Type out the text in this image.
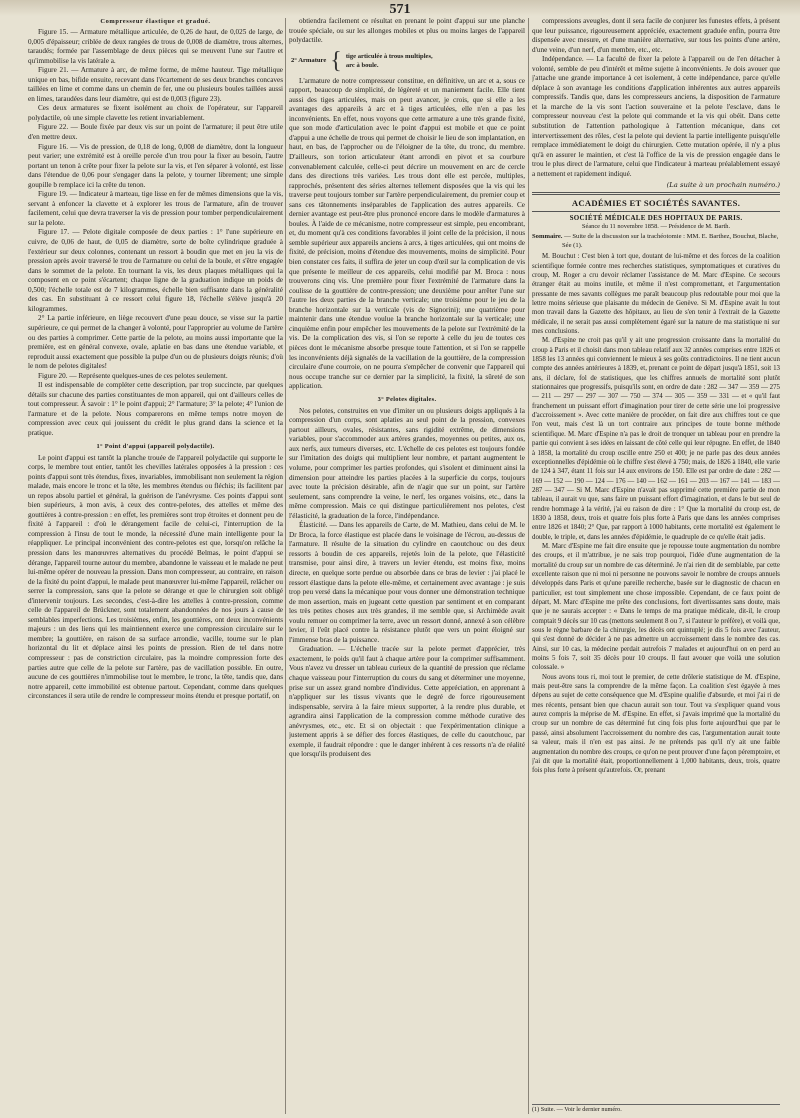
571
Compresseur élastique et gradué.

Figure 15. — Armature métallique articulée, de 0,26 de haut, de 0,025 de large, de 0,005 d'épaisseur; criblée de deux rangées de trous de 0,008 de diamètre, trous alternes, taraudés; formée par l'assemblage de deux pièces qui se meuvent l'une sur l'autre et qu'immobilise la vis latérale a.

Figure 21. — Armature à arc, de même forme, de même hauteur. Tige métallique unique en bas, bifide ensuite, recevant dans l'écartement de ses deux branches concaves taillées en lime et comme dans un chemin de fer, une ou plusieurs boules taillées aussi en limes, taraudées dans leur diamètre, qui est de 0,003 (figure 23).

Ces deux armatures se fixent isolément au choix de l'opérateur, sur l'appareil polydactile, où une simple clavette les retient invariablement.

Figure 22. — Boule fixée par deux vis sur un point de l'armature; il peut être utile d'en mettre deux.

Figure 16. — Vis de pression, de 0,18 de long, 0,008 de diamètre, dont la longueur peut varier; une extrémité est à oreille percée d'un trou pour la fixer au besoin, l'autre portant un tenon à crête pour fixer la pelote sur la vis, et l'en séparer à volonté, est lisse dans l'étendue de 0,06 pour s'engager dans la pelote, y tourner librement; une simple goupille b remplace ici la crête du tenon.

Figure 19. — Indicateur à marteau, tige lisse en fer de mêmes dimensions que la vis, servant à enfoncer la clavette et à explorer les trous de l'armature, afin de trouver facilement, celui que devra traverser la vis de pression pour tomber perpendiculairement sur la pelote.

Figure 17. — Pelote digitale composée de deux parties : 1° l'une supérieure en cuivre, de 0,06 de haut, de 0,05 de diamètre, sorte de boîte cylindrique graduée à l'extérieur sur deux colonnes, contenant un ressort à boudin que met en jeu la vis de pression après avoir traversé le trou de l'armature ou celui de la boule, et s'être engagée dans le sommet de la pelote. En tournant la vis, les deux plaques métalliques qui la composent en ce point s'écartent; chaque ligne de la graduation indique un poids de 0,500; l'échelle totale est de 7 kilogrammes, échelle bien suffisante dans la généralité des cas. En substituant à ce ressort celui figure 18, l'échelle s'élève jusqu'à 20 kilogrammes.

2° La partie inférieure, en liège recouvert d'une peau douce, se visse sur la partie supérieure, ce qui permet de la changer à volonté, pour l'approprier au volume de l'artère ou des parties à comprimer. Cette partie de la pelote, au moins aussi importante que la première, est en général convexe, ovale, aplatie en bas dans une étendue variable, et reproduit aussi exactement que possible la pulpe d'un ou de plusieurs doigts réunis; d'où le nom de pelotes digitales!

Figure 20. — Représente quelques-unes de ces pelotes seulement.

Il est indispensable de compléter cette description, par trop succincte, par quelques détails sur chacune des parties constituantes de mon appareil, qui ont d'ailleurs celles de tout compresseur. À savoir : 1° le point d'appui; 2° l'armature; 3° la pelote; 4° l'union de l'armature et de la pelote. Nous comparerons en même temps notre moyen de compression avec ceux qui jouissent du crédit le plus grand dans la science et la pratique.

1° Point d'appui (appareil polydactile).

Le point d'appui est tantôt la planche trouée de l'appareil polydactile qui supporte le corps, le membre tout entier, tantôt les chevilles latérales opposées à la pression : ces points d'appui sont très étendus, fixes, invariables, immobilisant non seulement la région malade, mais encore le tronc et la tête, les membres étendus ou fléchis; ils facilitent par un repos absolu partiel et général, la guérison de l'anévrysme. Ces points d'appui sont bien supérieurs, à mon avis, à ceux des contre-pelotes, des attelles et même des gouttières à contre-pression : en effet, les premières sont trop étroites et donnent peu de fixité à l'appareil : d'où le dérangement facile de celui-ci, l'interruption de la compression à l'insu de tout le monde, la nécessité d'une main intelligente pour la réappliquer. Le principal inconvénient des contre-pelotes est que, lorsqu'on relâche la pression dans les manœuvres alternatives du procédé Belmas, le point d'appui se dérange, l'appareil tourne autour du membre, abandonne le vaisseau et le malade ne peut lui-même opérer de nouveau la pression. Dans mon compresseur, au contraire, en raison de la fixité du point d'appui, le malade peut manœuvrer lui-même l'appareil, relâcher ou serrer la compression, sans que la pelote se dérange et que le chirurgien soit obligé d'intervenir toujours. Les secondes, c'est-à-dire les attelles à contre-pression, comme celle de l'appareil de Brückner, sont totalement abandonnées de nos jours à cause de semblables imperfections. Les troisièmes, enfin, les gouttières, ont deux inconvénients majeurs : un des liens qui les maintiennent exerce une compression circulaire sur le membre; la gouttière, en raison de sa surface arrondie, vacille, tourne sur le plan horizontal du lit et déplace ainsi les points de pression. Rien de tel dans notre compresseur : pas de constriction circulaire, pas la moindre compression forte des parties autre que celle de la pelote sur l'artère, pas de vacillation possible. En outre, aucune de ces gouttières n'immobilise tout le membre, le tronc, la tête, tandis que, dans notre appareil, cette immobilité est obtenue partout. Cependant, comme dans quelques circonstances il sera utile de rendre le compresseur moins étendu et presque portatif, on

obtiendra facilement ce résultat en prenant le point d'appui sur une planche trouée spéciale, ou sur les allonges mobiles et plus ou moins larges de l'appareil polydactile.

2° Armature { tige articulée à trous multiples,
arc à boule.

L'armature de notre compresseur constitue, en définitive, un arc et a, sous ce rapport, beaucoup de simplicité, de légèreté et un maniement facile. Elle tient aussi des tiges articulées, mais on peut avancer, je crois, que si elle a les avantages des appareils à arc et à tiges articulées, elle n'en a pas les inconvénients. En effet, nous voyons que cette armature a une très grande fixité, que son mode d'articulation avec le point d'appui est mobile et que ce point d'appui a une échelle de trous qui permet de choisir le lieu de son implantation, en haut, en bas, de l'approcher ou de l'éloigner de la tête, du tronc, du membre. D'ailleurs, son torion articulateur étant arrondi en pivot et sa courbure convenablement calculée, celle-ci peut décrire un mouvement en arc de cercle dans des directions très variées. Les trous dont elle est percée, multiples, rapprochés, présentent des séries alternes tellement disposées que la vis qui les traverse peut toujours tomber sur l'artère perpendiculairement, du premier coup et sans ces tâtonnements inséparables de l'application des autres appareils. Ce dernier avantage est peut-être plus prononcé encore dans le modèle d'armatures à boules. À l'aide de ce mécanisme, notre compresseur est simple, peu encombrant, et, du moment qu'à ces conditions favorables il joint celle de la précision, il nous semble supérieur aux appareils anciens à arcs, à tiges articulées, qui ont moins de fixité, de précision, moins d'étendue des mouvements, moins de simplicité. Pour bien constater ces faits, il suffira de jeter un coup d'œil sur la complication de vis que présente le meilleur de ces appareils, celui modifié par M. Broca : nous trouverons cinq vis. Une première pour fixer l'extrémité de l'armature dans la coulisse de la gouttière de contre-pression; une deuxième pour arrêter l'une sur l'autre les deux parties de la branche verticale; une troisième pour le jeu de la branche horizontale sur la verticale (vis de Signorini); une quatrième pour maintenir dans une étendue voulue la branche horizontale sur la verticale; une cinquième enfin pour empêcher les mouvements de la pelote sur l'extrémité de la vis. De la complication des vis, si l'on se reporte à celle du jeu de toutes ces pièces dont le mécanisme absorbe presque toute l'attention, et si l'on se rappelle les inconvénients déjà signalés de la vacillation de la gouttière, de la compression circulaire d'une courroie, on ne pourra s'empêcher de convenir que l'appareil qui nous occupe tranche sur ce dernier par la simplicité, la fixité, la sûreté de son application.

3° Pelotes digitales.

Nos pelotes, construites en vue d'imiter un ou plusieurs doigts appliqués à la compression d'un corps, sont aplaties au seul point de la pression, convexes partout ailleurs, ovales, résistantes, sans rigidité extrême, de dimensions variables, pour s'accommoder aux artères grandes, moyennes ou petites, aux os, aux nerfs, aux tumeurs diverses, etc. L'échelle de ces pelotes est toujours fondée sur l'imitation des doigts qui multiplient leur nombre, et partant augmentent le volume, pour comprimer les parties profondes, qui s'isolent et diminuent ainsi la dimension pour atteindre les parties placées à la superficie du corps, toujours avec toute la précision désirable, afin de n'agir que sur un point, sur l'artère seulement, sans comprendre la veine, le nerf, les organes voisins, etc., dans la même compression. Mais ce qui distingue particulièrement nos pelotes, c'est l'élasticité, la graduation de la force, l'indépendance.

Élasticité. — Dans les appareils de Carte, de M. Mathieu, dans celui de M. le Dr Broca, la force élastique est placée dans le voisinage de l'écrou, au-dessus de l'armature. Il résulte de la situation du cylindre en caoutchouc ou des deux ressorts à boudin de ces appareils, rejetés loin de la pelote, que l'élasticité transmise, pour ainsi dire, à travers un levier étendu, est moins fixe, moins directe, en quelque sorte perdue ou absorbée dans ce bras de levier : j'ai placé le ressort élastique dans la pelote elle-même, et certainement avec avantage : je suis trop peu versé dans la mécanique pour vous donner une démonstration technique de mon assertion, mais en jugeant cette question par sentiment et en comparant les très petites choses aux très grandes, il me semble que, si Archimède avait voulu remuer ou comprimer la terre, avec un ressort donné, annexé à son célèbre levier, il l'eût placé contre la résistance plutôt que vers un point éloigné sur l'immense bras de la puissance.

Graduation. — L'échelle tracée sur la pelote permet d'apprécier, très exactement, le poids qu'il faut à chaque artère pour la comprimer suffisamment. Vous n'avez vu dresser un tableau curieux de la quantité de pression que réclame chaque vaisseau pour l'interruption du cours du sang et déterminer une moyenne, prise sur un assez grand nombre d'individus. Cette appréciation, en apprenant à n'appliquer sur les tissus vivants que le degré de force rigoureusement indispensable, servira à la faire mieux supporter, à la rendre plus durable, et agrandira ainsi l'application de la compression comme méthode curative des anévrysmes, etc., etc. Et si on objectait : que l'expérimentation clinique a justement appris à se défier des forces élastiques, de celle du caoutchouc, par exemple, il faudrait répondre : que le danger inhérent à ces ressorts n'a de réalité que lorsqu'ils produisent des

compressions aveugles, dont il sera facile de conjurer les funestes effets, à présent que leur puissance, rigoureusement appréciée, exactement graduée enfin, pourra être dispensée avec mesure, et d'une manière alternative, sur tous les points d'une artère, d'une veine, d'un nerf, d'un membre, etc., etc.

Indépendance. — La faculté de fixer la pelote à l'appareil ou de l'en détacher à volonté, semble de peu d'intérêt et même sujette à inconvénients. Je dois avouer que j'attache une grande importance à cet isolement, à cette indépendance, parce qu'elle déplace à son avantage les conditions d'application inhérentes aux autres appareils compressifs. Tandis que, dans les compresseurs anciens, la disposition de l'armature et la marche de la vis sont l'action souveraine et la pelote l'esclave, dans le compresseur nouveau c'est la pelote qui commande et la vis qui obéit. Dans cette substitution de l'attention pathologique à l'attention mécanique, dans cet intervertissement des rôles, c'est la pelote qui devient la partie intelligente puisqu'elle remplace immédiatement le doigt du chirurgien. Cette mutation opérée, il n'y a plus qu'à en assurer le maintien, et c'est là l'office de la vis de pression engagée dans le trou le plus direct de l'armature, celui que l'indicateur à marteau préalablement essayé a nettement et rapidement indiqué.

(La suite à un prochain numéro.)
ACADÉMIES ET SOCIÉTÉS SAVANTES.
SOCIÉTÉ MÉDICALE DES HOPITAUX DE PARIS.
Séance du 11 novembre 1858. — Présidence de M. Barth.

Sommaire. — Suite de la discussion sur la trachéotomie : MM. E. Barthez, Bouchut, Blache, Sée (1).

M. Bouchut : C'est bien à tort que, doutant de lui-même et des forces de la coalition scientifique formée contre mes recherches statistiques, symptomatiques et curatives du croup, M. Roger a cru devoir réclamer l'assistance de M. Marc d'Espine. Ce secours étranger était au moins inutile, et même il n'est compromettant, et l'argumentation pressante de mes savants collègues me paraît beaucoup plus redoutable pour moi que la lettre moins sérieuse que plaisante du médecin de Genève. Si M. d'Espine avait lu tout mon travail dans la Gazette des hôpitaux, au lieu de s'en tenir à l'extrait de la Gazette médicale, il ne serait pas aussi complètement égaré sur la nature de ma statistique ni sur mes conclusions.

M. d'Espine ne croit pas qu'il y ait une progression croissante dans la mortalité du croup à Paris et il choisit dans mon tableau relatif aux 32 années comprises entre 1826 et 1858 les 13 années qui conviennent le mieux à ses goûts contradictoires. Il ne tient aucun compte des années antérieures à 1839, et, prenant ce point de départ jusqu'à 1851, soit 13 ans, il déclare, fol de statistiques, que les chiffres annuels de mortalité sont plutôt stationnaires que progressifs, puisqu'ils sont, en ordre de date : 282 — 347 — 359 — 275 — 211 — 297 — 297 — 307 — 750 — 374 — 305 — 359 — 331 — et « qu'il faut franchement un puissant effort d'imagination pour tirer de cette série une loi progressive d'accroissement ». Avec cette manière de procéder, on fait dire aux chiffres tout ce que l'on veut, mais c'est là un tort contraire aux principes de toute bonne méthode scientifique. M. Marc d'Espine n'a pas le droit de tronquer un tableau pour en prendre la partie qui convient à ses idées en laissant de côté celle qui leur répugne. En effet, de 1840 à 1858, la mortalité du croup oscille entre 250 et 400; je ne parle pas des deux années exceptionnelles d'épidémie où le chiffre s'est élevé à 750; mais, de 1826 à 1840, elle varie de 124 à 347, étant 11 fois sur 14 aux environs de 150. Elle est par ordre de date : 282 — 169 — 152 — 190 — 124 — 176 — 140 — 162 — 161 — 203 — 167 — 141 — 183 — 287 — 347 — Si M. Marc d'Espine n'avait pas supprimé cette première partie de mon tableau, il aurait vu que, sans faire un puissant effort d'imagination, et dans le but seul de rendre hommage à la vérité, j'ai eu raison de dire : 1° Que la mortalité du croup est, de 1830 à 1858, deux, trois et quatre fois plus forte à Paris que dans les années comprises entre 1826 et 1840; 2° Que, par rapport à 1000 habitants, cette mortalité est également le double, le triple, et, dans les années d'épidémie, le quadruple de ce qu'elle était jadis.

M. Marc d'Espine me fait dire ensuite que je repousse toute augmentation du nombre des croups, et il m'attribue, je ne sais trop pourquoi, l'idée d'une augmentation de la mortalité du croup sur un nombre de cas déterminé. Je n'ai rien dit de semblable, par cette excellente raison que ni moi ni personne ne pouvons savoir le nombre de croups annuels développés dans Paris et qu'une pareille recherche, basée sur le diagnostic de chacun en particulier, est tout simplement une chose impossible. Cependant, de ce faux point de départ, M. Marc d'Espine me prête des conclusions, fort divertissantes sans doute, mais que je ne saurais accepter : « Dans le temps de ma pratique médicale, dit-il, le croup comptait 9 décès sur 10 cas (mettons seulement 8 ou 7, si l'auteur le préfère), et voilà que, sous le règne barbare de la chirurgie, les décès ont quintuplé; je dis 5 fois avec l'auteur, qui s'est donné de décider à ne pas admettre un accroissement dans le nombre des cas. Ainsi, sur 10 cas, la médecine perdait autrefois 7 malades et aujourd'hui on en perd au moins 5 fois 7, soit 35 décès pour 10 croups. Il faut avouer que voilà une solution colossale. »

Nous avons tous ri, moi tout le premier, de cette drôlerie statistique de M. d'Espine, mais peut-être sans la comprendre de la même façon. La coalition s'est égayée à mes dépens au sujet de cette conséquence que M. d'Espine qualifie d'absurde, et moi j'ai ri de mes récents, pensant bien que chacun aurait son tour. Tout va s'expliquer quand vous aurez compris la méprise de M. d'Espine. En effet, si j'avais imprimé que la mortalité du croup sur un nombre de cas déterminé fut cinq fois plus forte aujourd'hui que par le passé, ainsi absolument l'accroissement du nombre des cas, l'argumentation aurait toute sa valeur, mais il n'en est pas ainsi. Je ne prétends pas qu'il n'y ait une faible augmentation du nombre des croups, ce qu'on ne peut prouver d'une façon péremptoire, et j'ai dit que la mortalité était, proportionnellement à 1,000 habitants, deux, trois, quatre fois plus forte à présent qu'autrefois. Or, prenant

(1) Suite. — Voir le dernier numéro.
